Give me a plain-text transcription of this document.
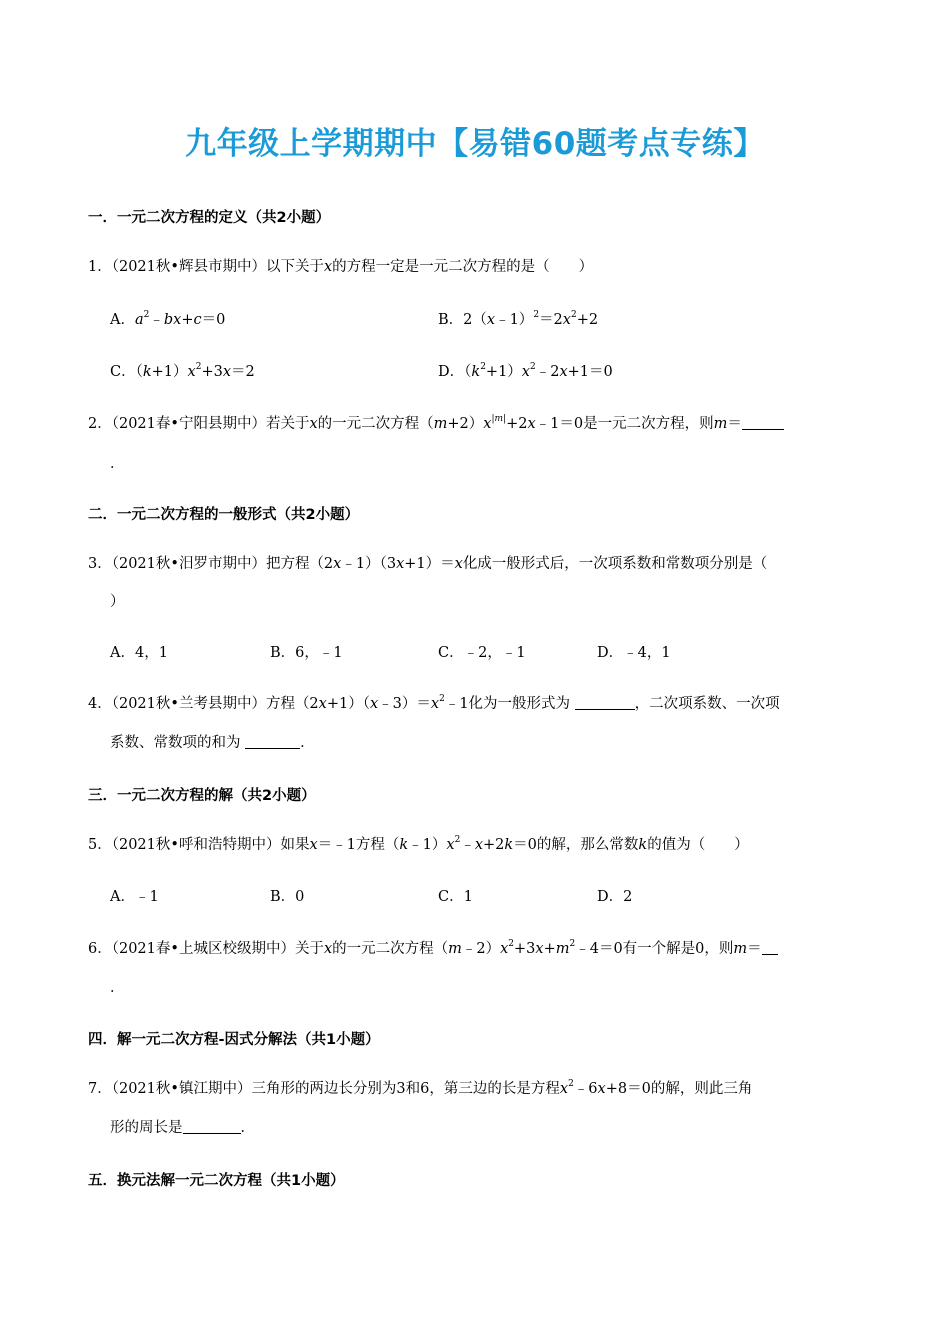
九年级上学期期中【易错60题考点专练】
一．一元二次方程的定义（共2小题）
1．（2021秋•辉县市期中）以下关于x的方程一定是一元二次方程的是（　　）
A．$a^2﹣bx+c=0$	B．$2(x﹣1)^2=2x^2+2$
C．$(k+1)x^2+3x=2$	D．$(k^2+1)x^2﹣2x+1=0$
2．（2021春•宁阳县期中）若关于x的一元二次方程$(m+2)x^{|m|}+2x﹣1=0$是一元二次方程，则m＝
．
二．一元二次方程的一般形式（共2小题）
3．（2021秋•汨罗市期中）把方程（2x﹣1）（3x+1）＝x化成一般形式后，一次项系数和常数项分别是（
）
A．4，1	B．6，﹣1	C．﹣2，﹣1	D．﹣4，1
4．（2021秋•兰考县期中）方程$(2x+1)(x﹣3)=x^2﹣1$化为一般形式为	，二次项系数、一次项
系数、常数项的和为	．
三．一元二次方程的解（共2小题）
5．（2021秋•呼和浩特期中）如果x＝﹣1方程$(k﹣1)x^2﹣x+2k=0$的解，那么常数k的值为（　　）
A．﹣1	B．0	C．1	D．2
6．（2021春•上城区校级期中）关于x的一元二次方程$(m﹣2)x^2+3x+m^2﹣4=0$有一个解是0，则m＝
．
四．解一元二次方程-因式分解法（共1小题）
7．（2021秋•镇江期中）三角形的两边长分别为3和6，第三边的长是方程$x^2﹣6x+8=0$的解，则此三角
形的周长是	．
五．换元法解一元二次方程（共1小题）
